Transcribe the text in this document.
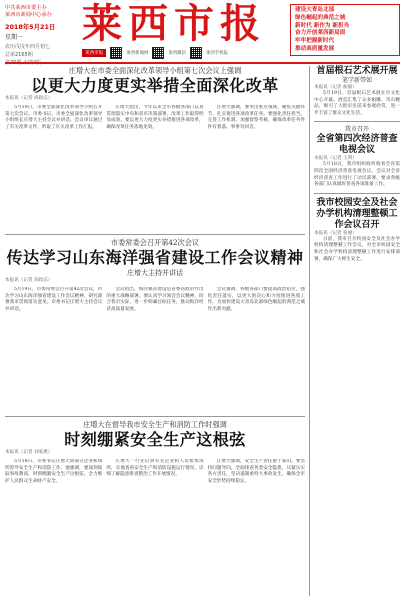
中共莱西市委主办
莱西市新闻中心承办
2018年5月21日
星期一
农历戊戌年四月初七
总第2165期
莱西市报	建设大青岛北部
绿色崛起的典范之城
新时代 新作为 新担当
奋力开创莱西新局面
牢牢把握新时代
推动高质量发展
莱西市报	莱西新闻网	莱西微信	莱西手机报
庄增大在市委全面深化改革领导小组第七次会议上强调
以更大力度更实举措全面深化改革
本报讯（记者 高政志）

5月19日，市委全面深化改革领导小组召开第七次会议。市委书记、市委全面深化改革领导小组组长庄增大主持会议并讲话。会议审议通过了有关改革文件，听取了有关改革工作汇报。

庄增大指出，今年以来全市各级各部门认真贯彻落实中央和省市决策部署，改革工作取得明显成效。要以更大力度更实举措推进各项改革，确保改革任务落地见效。

庄增大强调，要突出重点领域，聚焦关键环节，扎实推进各项改革任务。要强化责任担当，完善工作机制，加强督察考核，确保改革任务件件有着落、事事有回音。

市委常委会召开第42次会议
传达学习山东海洋强省建设工作会议精神
庄增大主持并讲话
本报讯（记者 高政志）

5月19日，市委常委会召开第42次会议，传达学习山东海洋强省建设工作会议精神，研究部署我市贯彻落实意见。市委书记庄增大主持会议并讲话。

会议指出，海洋强省建设是省委省政府作出的重大战略部署。要认真学习领会会议精神，结合我市实际，进一步明确目标任务，推动海洋经济高质量发展。

会议强调，各级各部门要提高政治站位，强化责任落实，以更大的决心和力度推进各项工作，为加快建设大青岛北部绿色崛起的典范之城作出新贡献。

庄增大在督导我市安全生产和消防工作时强调
时刻绷紧安全生产这根弦
本报讯（记者 刘家惠）

5月18日，市委书记庄增大到部分企业和场所督导安全生产和消防工作。他强调，要深刻汲取事故教训，时刻绷紧安全生产这根弦，全力维护人民群众生命财产安全。

庄增大一行先后到有关企业和人员密集场所，实地查看安全生产和消防设施运行情况，详细了解隐患排查整治工作开展情况。

庄增大强调，安全生产责任重于泰山。要坚持问题导向，全面排查各类安全隐患，压紧压实各方责任，坚决遏制重特大事故发生，确保全市安全形势持续稳定。

首届根石艺术展开展
笔学新带如
本报讯（记者 曲毅）

5月19日，首届根石艺术展在市文化中心开幕。展览汇集了众多根雕、奇石精品，吸引了大批市民前来参观欣赏，进一步丰富了群众文化生活。

我市召开
全省第四次经济普查电视会议
本报讯（记者 王瑛）

5月18日，我市组织收听收看全省第四次全国经济普查电视会议。会议对全省经济普查工作进行了动员部署，要求各级各部门认真做好普查各项准备工作。

我市校园安全及社会办学机构清理整顿工作会议召开
本报讯（记者 张丽）

日前，我市召开校园安全及社会办学机构清理整顿工作会议，对全市校园安全和社会办学机构清理整顿工作进行安排部署，确保广大师生安全。
